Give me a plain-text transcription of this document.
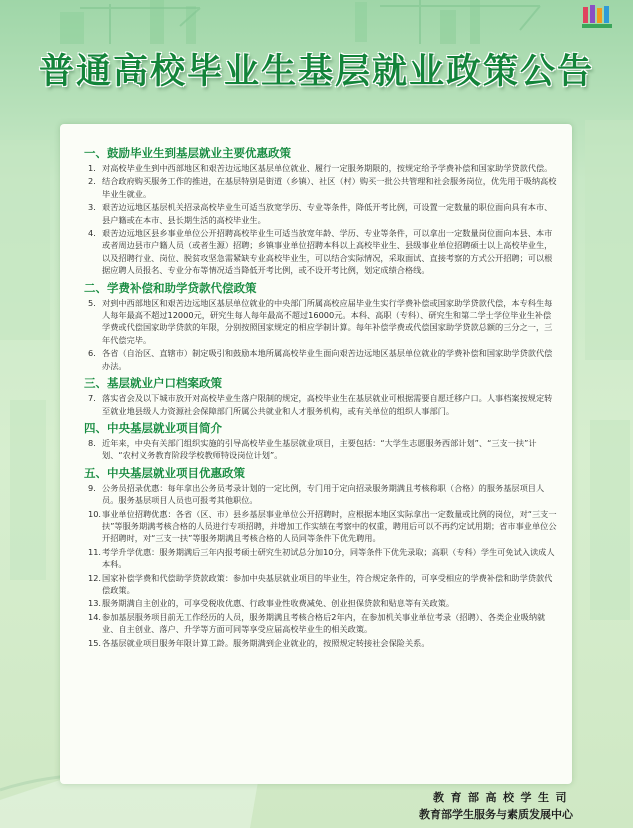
普通高校毕业生基层就业政策公告
一、鼓励毕业生到基层就业主要优惠政策
1. 对高校毕业生到中西部地区和艰苦边远地区基层单位就业、履行一定服务期限的，按规定给予学费补偿和国家助学贷款代偿。
2. 结合政府购买服务工作的推进，在基层特别是街道（乡镇）、社区（村）购买一批公共管理和社会服务岗位，优先用于吸纳高校毕业生就业。
3. 艰苦边远地区基层机关招录高校毕业生可适当放宽学历、专业等条件，降低开考比例，可设置一定数量的职位面向具有本市、县户籍或在本市、县长期生活的高校毕业生。
4. 艰苦边远地区县乡事业单位公开招聘高校毕业生可适当放宽年龄、学历、专业等条件，可以拿出一定数量岗位面向本县、本市或者周边县市户籍人员（或者生源）招聘；乡镇事业单位招聘本科以上高校毕业生、县级事业单位招聘硕士以上高校毕业生，以及招聘行业、岗位、脱贫攻坚急需紧缺专业高校毕业生，可以结合实际情况，采取面试、直接考察的方式公开招聘；可以根据应聘人员报名、专业分布等情况适当降低开考比例，或不设开考比例，划定成绩合格线。
二、学费补偿和助学贷款代偿政策
5. 对到中西部地区和艰苦边远地区基层单位就业的中央部门所属高校应届毕业生实行学费补偿或国家助学贷款代偿，本专科生每人每年最高不超过12000元，研究生每人每年最高不超过16000元。本科、高职（专科）、研究生和第二学士学位毕业生补偿学费或代偿国家助学贷款的年限，分别按照国家规定的相应学制计算。每年补偿学费或代偿国家助学贷款总额的三分之一，三年代偿完毕。
6. 各省（自治区、直辖市）制定吸引和鼓励本地所属高校毕业生面向艰苦边远地区基层单位就业的学费补偿和国家助学贷款代偿办法。
三、基层就业户口档案政策
7. 落实省会及以下城市放开对高校毕业生落户限制的规定，高校毕业生在基层就业可根据需要自愿迁移户口。人事档案按规定转至就业地县级人力资源社会保障部门所属公共就业和人才服务机构，或有关单位的组织人事部门。
四、中央基层就业项目简介
8. 近年来，中央有关部门组织实施的引导高校毕业生基层就业项目，主要包括：“大学生志愿服务西部计划”、“三支一扶”计划、“农村义务教育阶段学校教师特设岗位计划”。
五、中央基层就业项目优惠政策
9. 公务员招录优惠：每年拿出公务员考录计划的一定比例，专门用于定向招录服务期满且考核称职（合格）的服务基层项目人员。服务基层项目人员也可报考其他职位。
10. 事业单位招聘优惠：各省（区、市）县乡基层事业单位公开招聘时，应根据本地区实际拿出一定数量或比例的岗位，对“三支一扶”等服务期满考核合格的人员进行专项招聘，并增加工作实绩在考察中的权重，聘用后可以不再约定试用期；省市事业单位公开招聘时，对“三支一扶”等服务期满且考核合格的人员同等条件下优先聘用。
11. 考学升学优惠：服务期满后三年内报考硕士研究生初试总分加10分，同等条件下优先录取；高职（专科）学生可免试入读成人本科。
12. 国家补偿学费和代偿助学贷款政策：参加中央基层就业项目的毕业生，符合规定条件的，可享受相应的学费补偿和助学贷款代偿政策。
13. 服务期满自主创业的，可享受税收优惠、行政事业性收费减免、创业担保贷款和贴息等有关政策。
14. 参加基层服务项目前无工作经历的人员，服务期满且考核合格后2年内，在参加机关事业单位考录（招聘）、各类企业吸纳就业、自主创业、落户、升学等方面可同等享受应届高校毕业生的相关政策。
15. 各基层就业项目服务年限计算工龄。服务期满到企业就业的，按照规定转接社会保险关系。
教育部高校学生司
教育部学生服务与素质发展中心
